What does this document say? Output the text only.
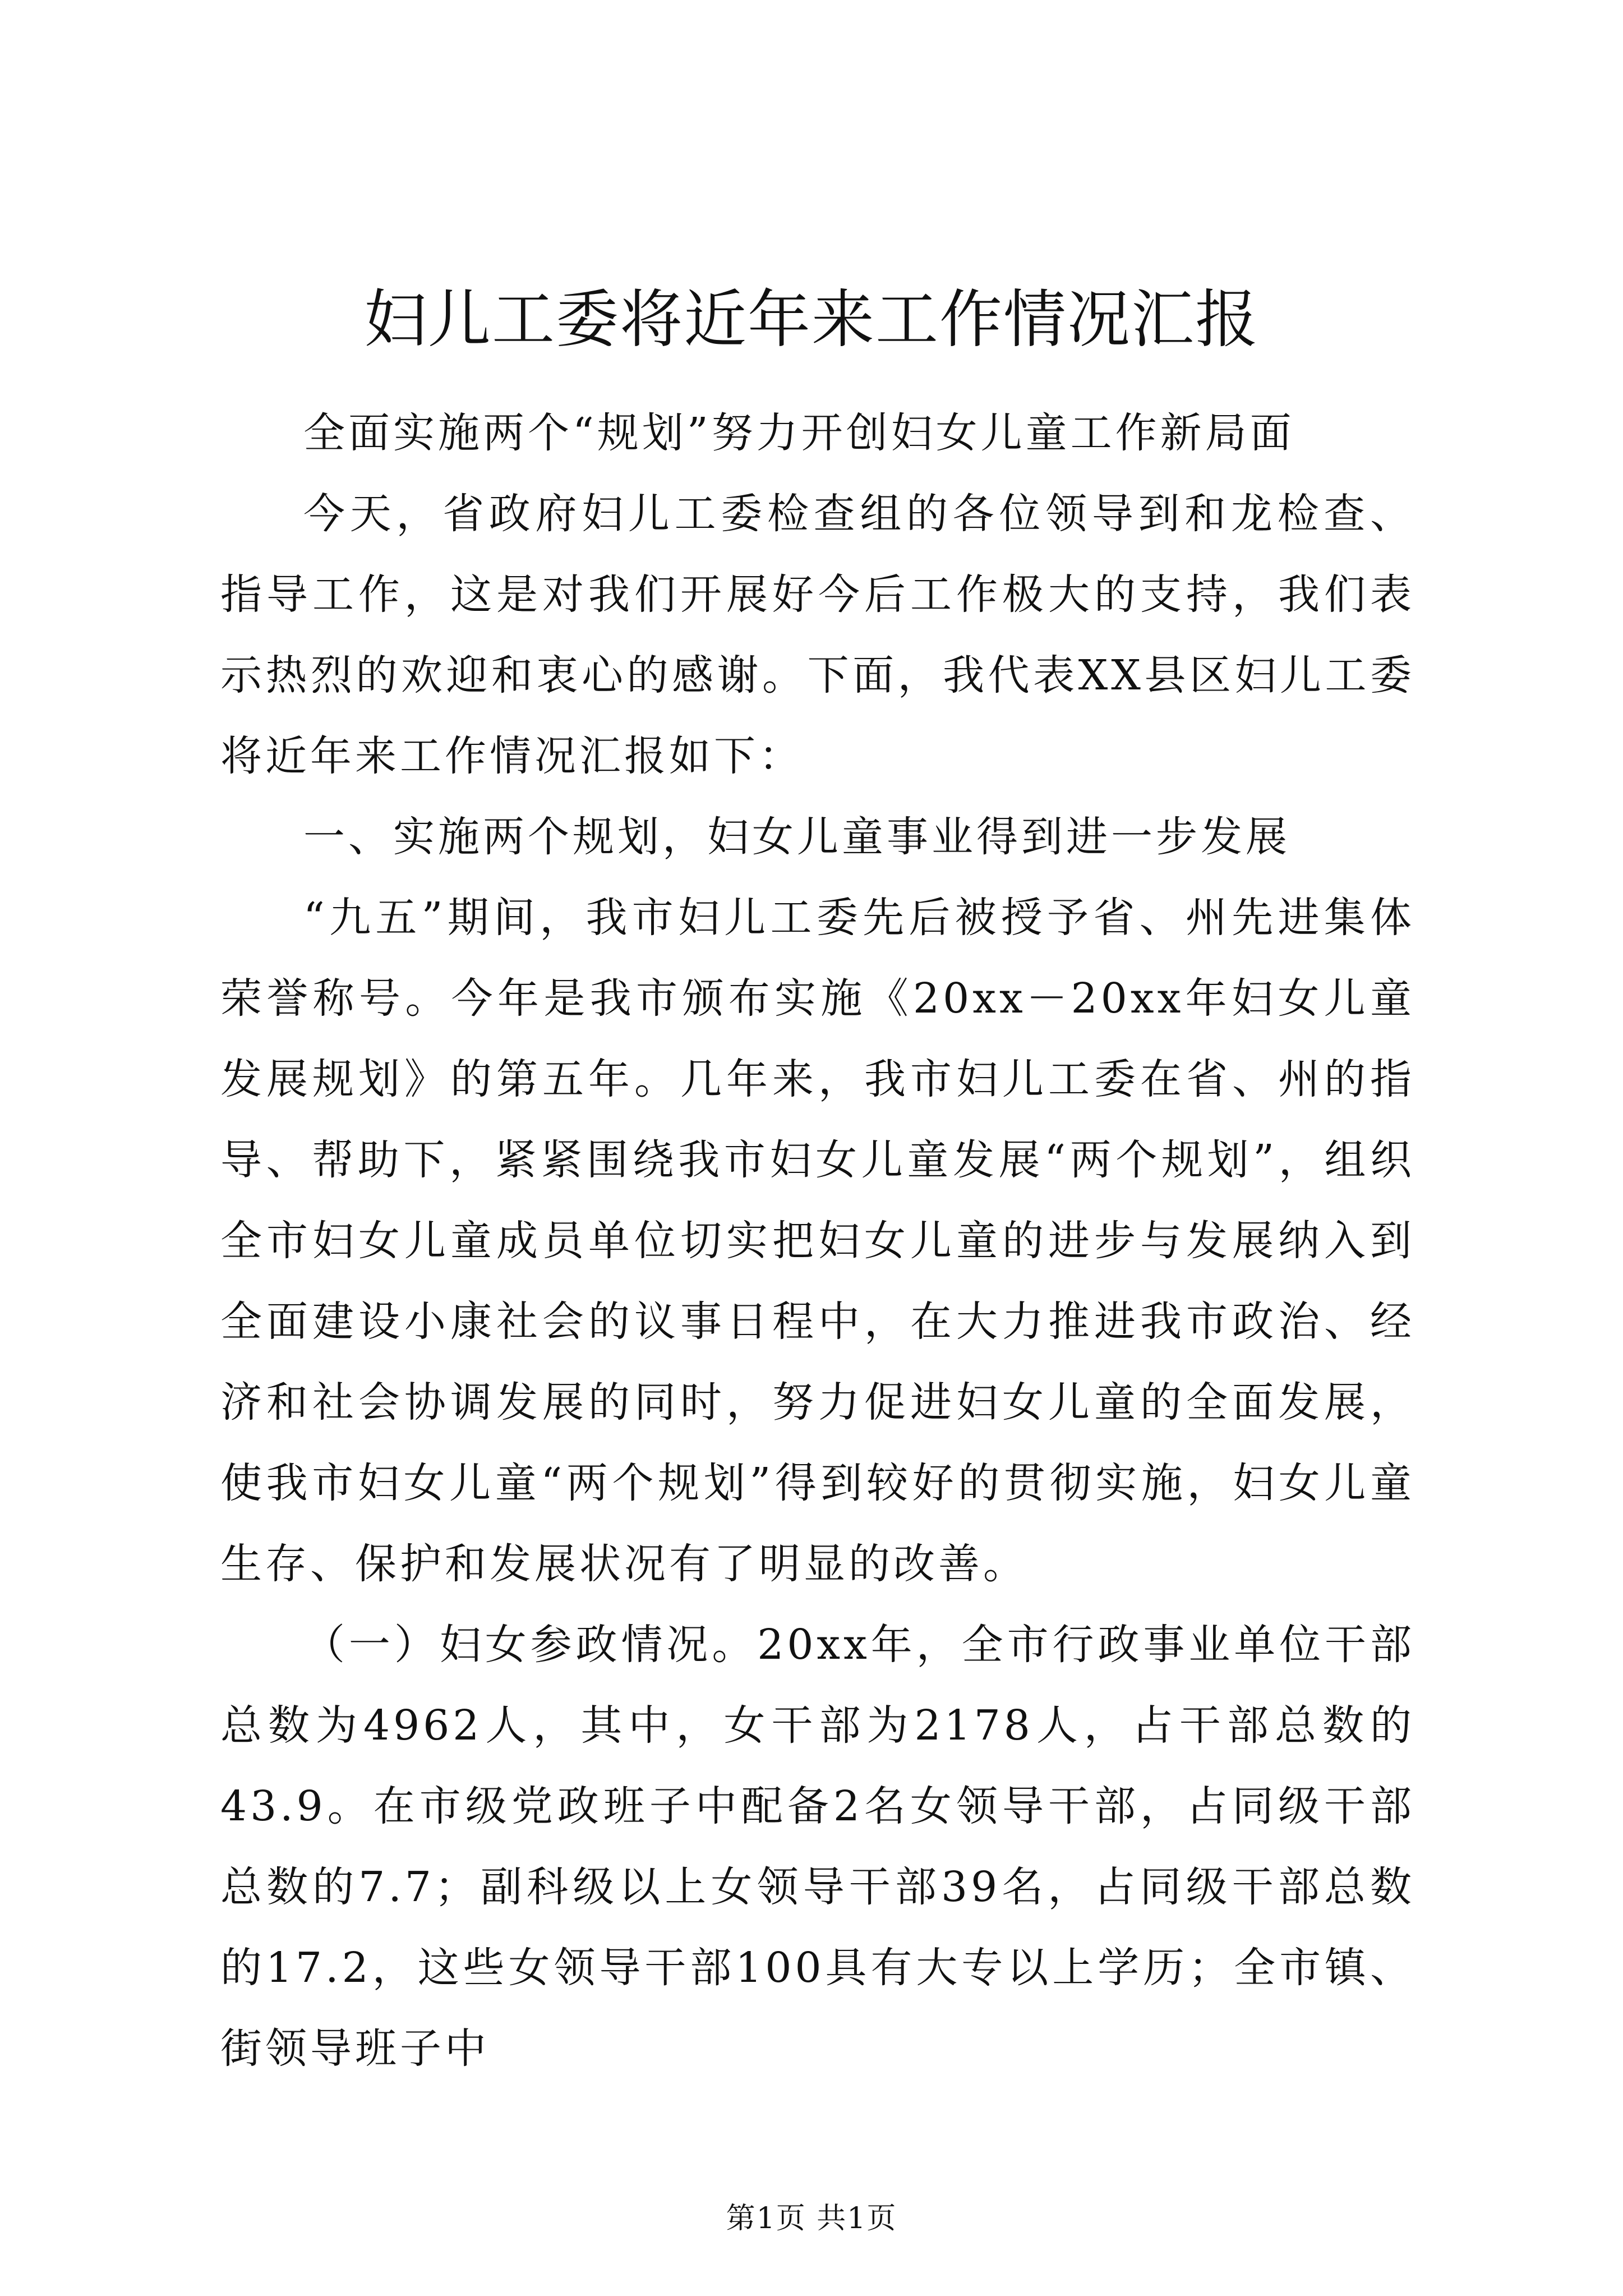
妇儿工委将近年来工作情况汇报

全面实施两个“规划”努力开创妇女儿童工作新局面

今天，省政府妇儿工委检查组的各位领导到和龙检查、指导工作，这是对我们开展好今后工作极大的支持，我们表示热烈的欢迎和衷心的感谢。下面，我代表XX县区妇儿工委将近年来工作情况汇报如下：

一、实施两个规划，妇女儿童事业得到进一步发展

“九五”期间，我市妇儿工委先后被授予省、州先进集体荣誉称号。今年是我市颁布实施《20xx－20xx年妇女儿童发展规划》的第五年。几年来，我市妇儿工委在省、州的指导、帮助下，紧紧围绕我市妇女儿童发展“两个规划”，组织全市妇女儿童成员单位切实把妇女儿童的进步与发展纳入到全面建设小康社会的议事日程中，在大力推进我市政治、经济和社会协调发展的同时，努力促进妇女儿童的全面发展，使我市妇女儿童“两个规划”得到较好的贯彻实施，妇女儿童生存、保护和发展状况有了明显的改善。

（一）妇女参政情况。20xx年，全市行政事业单位干部总数为4962人，其中，女干部为2178人，占干部总数的43.9。在市级党政班子中配备2名女领导干部，占同级干部总数的7.7；副科级以上女领导干部39名，占同级干部总数的17.2，这些女领导干部100具有大专以上学历；全市镇、街领导班子中

第1页 共1页
